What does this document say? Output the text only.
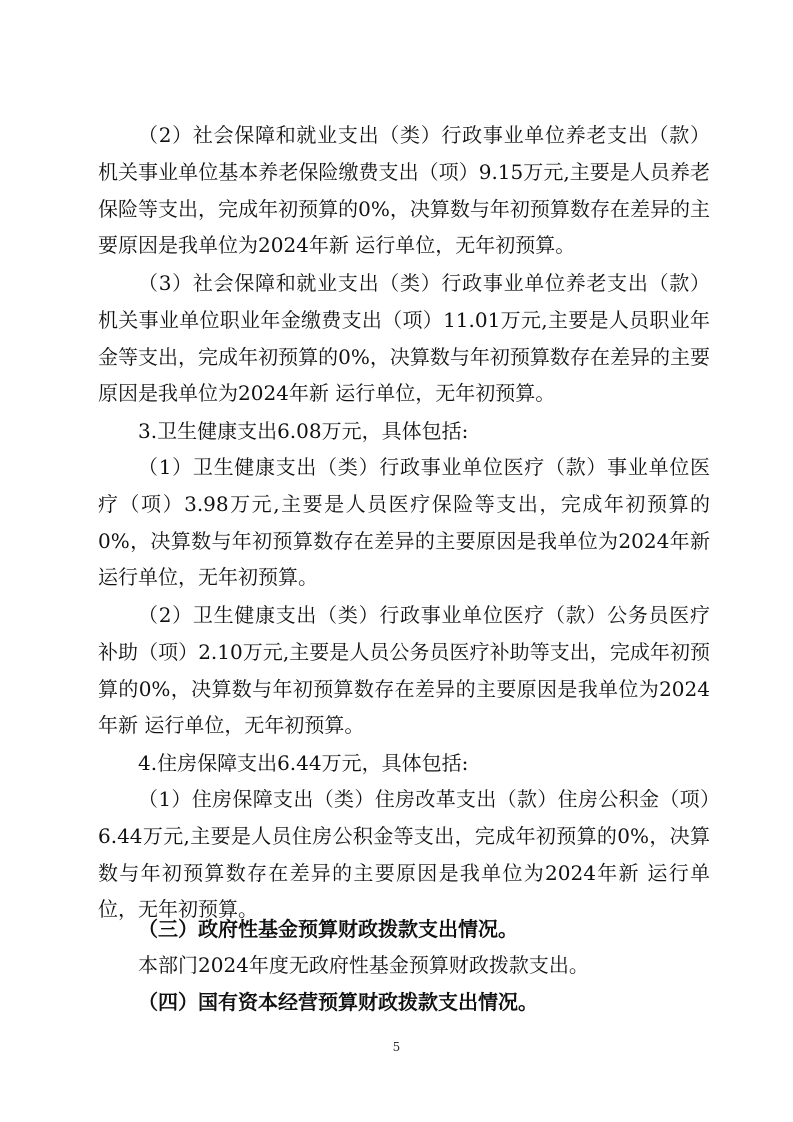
（2）社会保障和就业支出（类）行政事业单位养老支出（款）机关事业单位基本养老保险缴费支出（项）9.15万元,主要是人员养老保险等支出，完成年初预算的0%，决算数与年初预算数存在差异的主要原因是我单位为2024年新 运行单位，无年初预算。

（3）社会保障和就业支出（类）行政事业单位养老支出（款）机关事业单位职业年金缴费支出（项）11.01万元,主要是人员职业年金等支出，完成年初预算的0%，决算数与年初预算数存在差异的主要原因是我单位为2024年新 运行单位，无年初预算。

3.卫生健康支出6.08万元，具体包括:

（1）卫生健康支出（类）行政事业单位医疗（款）事业单位医疗（项）3.98万元,主要是人员医疗保险等支出，完成年初预算的0%，决算数与年初预算数存在差异的主要原因是我单位为2024年新 运行单位，无年初预算。

（2）卫生健康支出（类）行政事业单位医疗（款）公务员医疗补助（项）2.10万元,主要是人员公务员医疗补助等支出，完成年初预算的0%，决算数与年初预算数存在差异的主要原因是我单位为2024年新 运行单位，无年初预算。

4.住房保障支出6.44万元，具体包括:

（1）住房保障支出（类）住房改革支出（款）住房公积金（项）6.44万元,主要是人员住房公积金等支出，完成年初预算的0%，决算数与年初预算数存在差异的主要原因是我单位为2024年新 运行单位，无年初预算。

（三）政府性基金预算财政拨款支出情况。

本部门2024年度无政府性基金预算财政拨款支出。

（四）国有资本经营预算财政拨款支出情况。

5
